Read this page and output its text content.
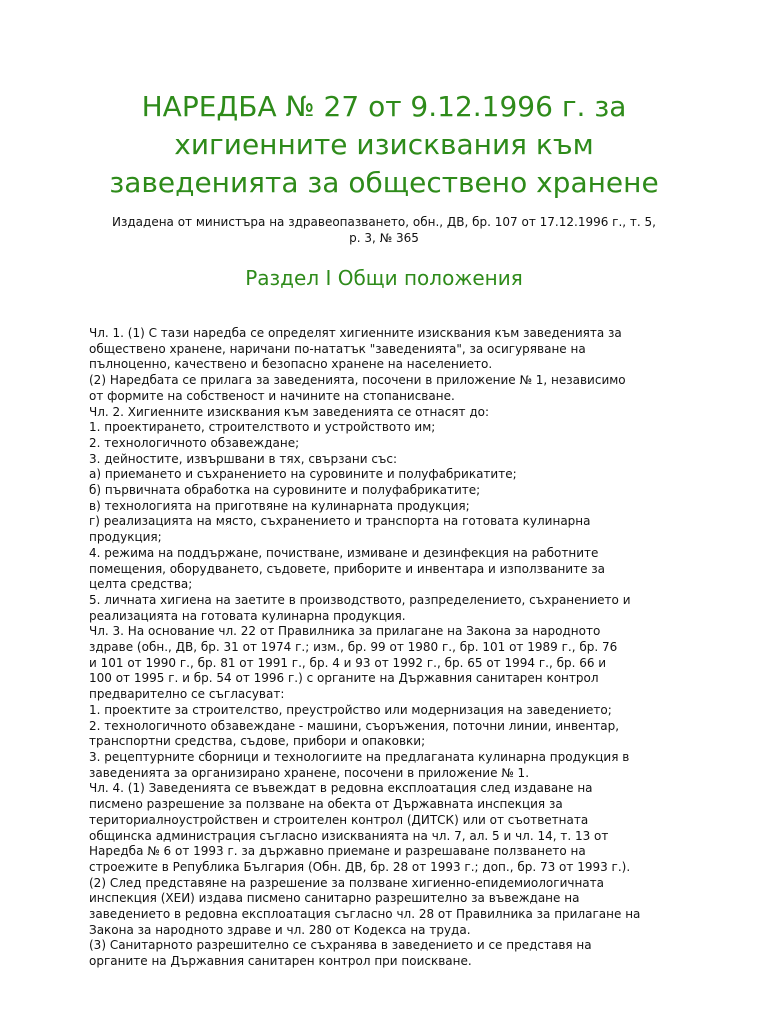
НАРЕДБА № 27 от 9.12.1996 г. за
хигиенните изисквания към
заведенията за обществено хранене

Издадена от министъра на здравеопазването, обн., ДВ, бр. 107 от 17.12.1996 г., т. 5,
р. 3, № 365

Раздел I Общи положения
Чл. 1. (1) С тази наредба се определят хигиенните изисквания към заведенията за
обществено хранене, наричани по-нататък "заведенията", за осигуряване на
пълноценно, качествено и безопасно хранене на населението.
(2) Наредбата се прилага за заведенията, посочени в приложение № 1, независимо
от формите на собственост и начините на стопанисване.
Чл. 2. Хигиенните изисквания към заведенията се отнасят до:
1. проектирането, строителството и устройството им;
2. технологичното обзавеждане;
3. дейностите, извършвани в тях, свързани със:
а) приемането и съхранението на суровините и полуфабрикатите;
б) първичната обработка на суровините и полуфабрикатите;
в) технологията на приготвяне на кулинарната продукция;
г) реализацията на място, съхранението и транспорта на готовата кулинарна
продукция;
4. режима на поддържане, почистване, измиване и дезинфекция на работните
помещения, оборудването, съдовете, приборите и инвентара и използваните за
целта средства;
5. личната хигиена на заетите в производството, разпределението, съхранението и
реализацията на готовата кулинарна продукция.
Чл. 3. На основание чл. 22 от Правилника за прилагане на Закона за народното
здраве (обн., ДВ, бр. 31 от 1974 г.; изм., бр. 99 от 1980 г., бр. 101 от 1989 г., бр. 76
и 101 от 1990 г., бр. 81 от 1991 г., бр. 4 и 93 от 1992 г., бр. 65 от 1994 г., бр. 66 и
100 от 1995 г. и бр. 54 от 1996 г.) с органите на Държавния санитарен контрол
предварително се съгласуват:
1. проектите за строителство, преустройство или модернизация на заведението;
2. технологичното обзавеждане - машини, съоръжения, поточни линии, инвентар,
транспортни средства, съдове, прибори и опаковки;
3. рецептурните сборници и технологиите на предлаганата кулинарна продукция в
заведенията за организирано хранене, посочени в приложение № 1.
Чл. 4. (1) Заведенията се въвеждат в редовна експлоатация след издаване на
писмено разрешение за ползване на обекта от Държавната инспекция за
териториалноустройствен и строителен контрол (ДИТСК) или от съответната
общинска администрация съгласно изискванията на чл. 7, ал. 5 и чл. 14, т. 13 от
Наредба № 6 от 1993 г. за държавно приемане и разрешаване ползването на
строежите в Република България (Обн. ДВ, бр. 28 от 1993 г.; доп., бр. 73 от 1993 г.).
(2) След представяне на разрешение за ползване хигиенно-епидемиологичната
инспекция (ХЕИ) издава писмено санитарно разрешително за въвеждане на
заведението в редовна експлоатация съгласно чл. 28 от Правилника за прилагане на
Закона за народното здраве и чл. 280 от Кодекса на труда.
(3) Санитарното разрешително се съхранява в заведението и се представя на
органите на Държавния санитарен контрол при поискване.
